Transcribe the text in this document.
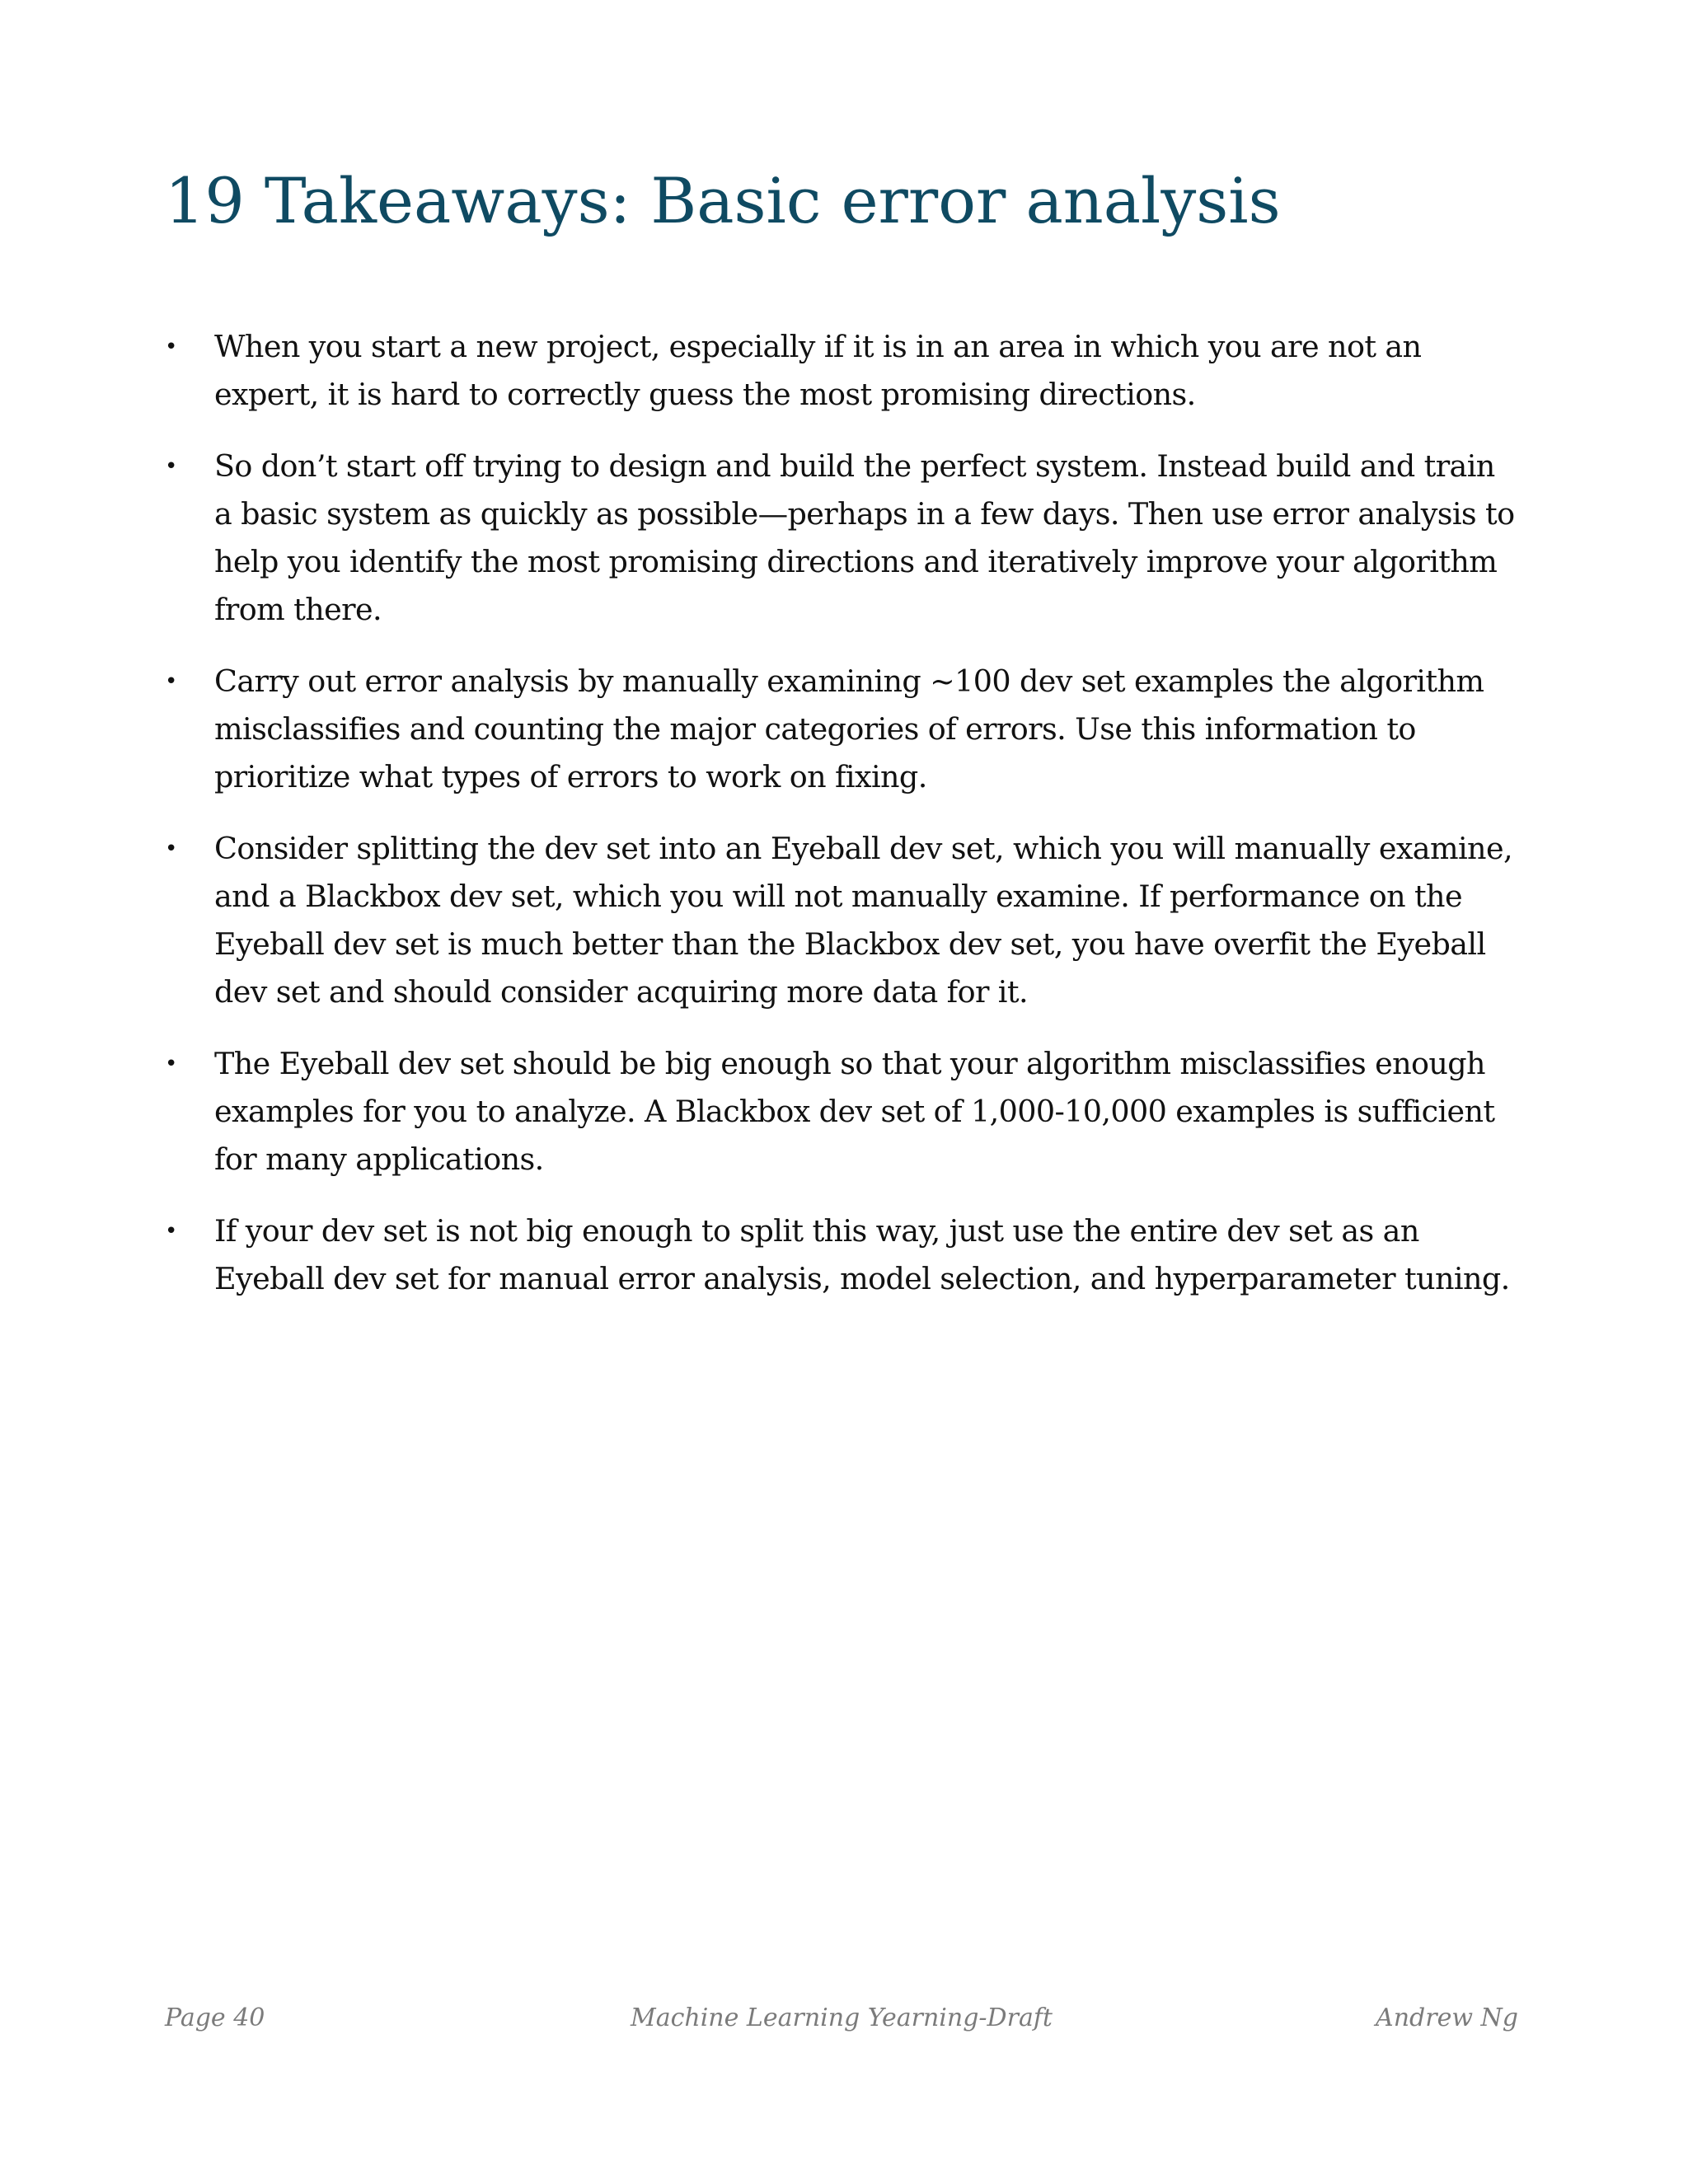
19 Takeaways: Basic error analysis
•	When you start a new project, especially if it is in an area in which you are not an expert, it is hard to correctly guess the most promising directions.
•	So don’t start off trying to design and build the perfect system. Instead build and train a basic system as quickly as possible—perhaps in a few days. Then use error analysis to help you identify the most promising directions and iteratively improve your algorithm from there.
•	Carry out error analysis by manually examining ~100 dev set examples the algorithm misclassifies and counting the major categories of errors. Use this information to prioritize what types of errors to work on fixing.
•	Consider splitting the dev set into an Eyeball dev set, which you will manually examine, and a Blackbox dev set, which you will not manually examine. If performance on the Eyeball dev set is much better than the Blackbox dev set, you have overfit the Eyeball dev set and should consider acquiring more data for it.
•	The Eyeball dev set should be big enough so that your algorithm misclassifies enough examples for you to analyze. A Blackbox dev set of 1,000-10,000 examples is sufficient for many applications.
•	If your dev set is not big enough to split this way, just use the entire dev set as an Eyeball dev set for manual error analysis, model selection, and hyperparameter tuning.
Page 40	Machine Learning Yearning-Draft	Andrew Ng
